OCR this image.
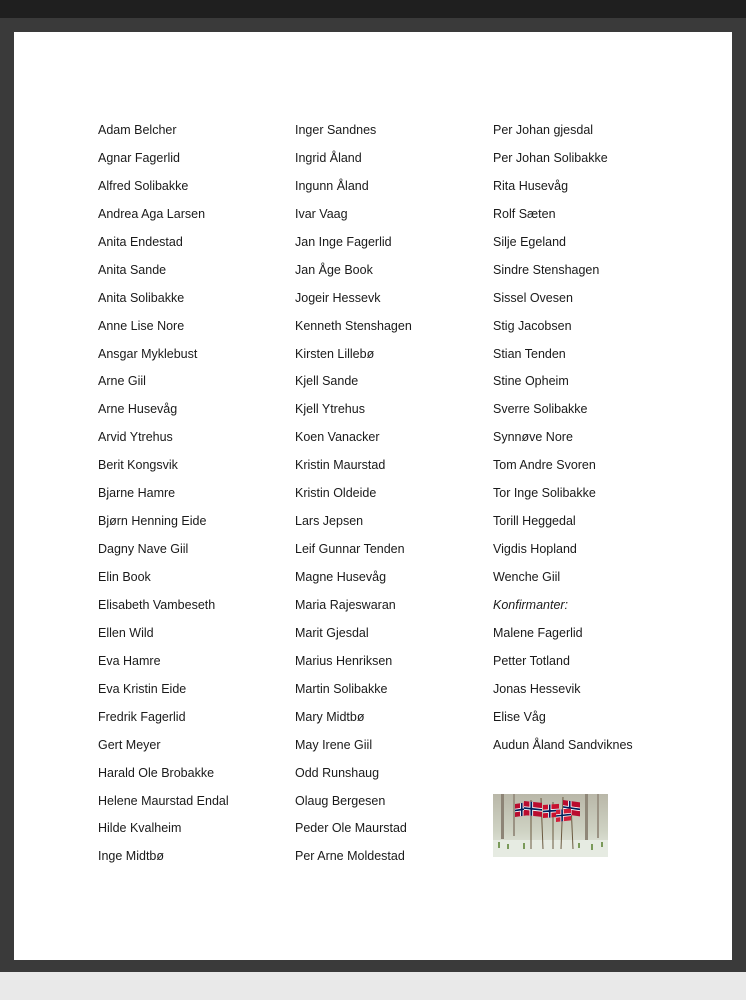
Adam Belcher
Agnar Fagerlid
Alfred Solibakke
Andrea Aga Larsen
Anita Endestad
Anita Sande
Anita Solibakke
Anne Lise Nore
Ansgar Myklebust
Arne Giil
Arne Husevåg
Arvid Ytrehus
Berit Kongsvik
Bjarne Hamre
Bjørn Henning Eide
Dagny Nave Giil
Elin Book
Elisabeth Vambeseth
Ellen Wild
Eva Hamre
Eva Kristin Eide
Fredrik Fagerlid
Gert Meyer
Harald Ole Brobakke
Helene Maurstad Endal
Hilde Kvalheim
Inge Midtbø
Inger Sandnes
Ingrid Åland
Ingunn Åland
Ivar Vaag
Jan Inge Fagerlid
Jan Åge Book
Jogeir Hessevk
Kenneth Stenshagen
Kirsten Lillebø
Kjell Sande
Kjell Ytrehus
Koen Vanacker
Kristin Maurstad
Kristin Oldeide
Lars Jepsen
Leif Gunnar Tenden
Magne Husevåg
Maria Rajeswaran
Marit Gjesdal
Marius Henriksen
Martin Solibakke
Mary Midtbø
May Irene Giil
Odd Runshaug
Olaug Bergesen
Peder Ole Maurstad
Per Arne Moldestad
Per Johan gjesdal
Per Johan Solibakke
Rita Husevåg
Rolf Sæten
Silje Egeland
Sindre Stenshagen
Sissel Ovesen
Stig Jacobsen
Stian Tenden
Stine Opheim
Sverre Solibakke
Synnøve Nore
Tom Andre Svoren
Tor Inge Solibakke
Torill Heggedal
Vigdis Hopland
Wenche Giil
Konfirmanter:
Malene Fagerlid
Petter Totland
Jonas Hessevik
Elise Våg
Audun Åland Sandviknes
